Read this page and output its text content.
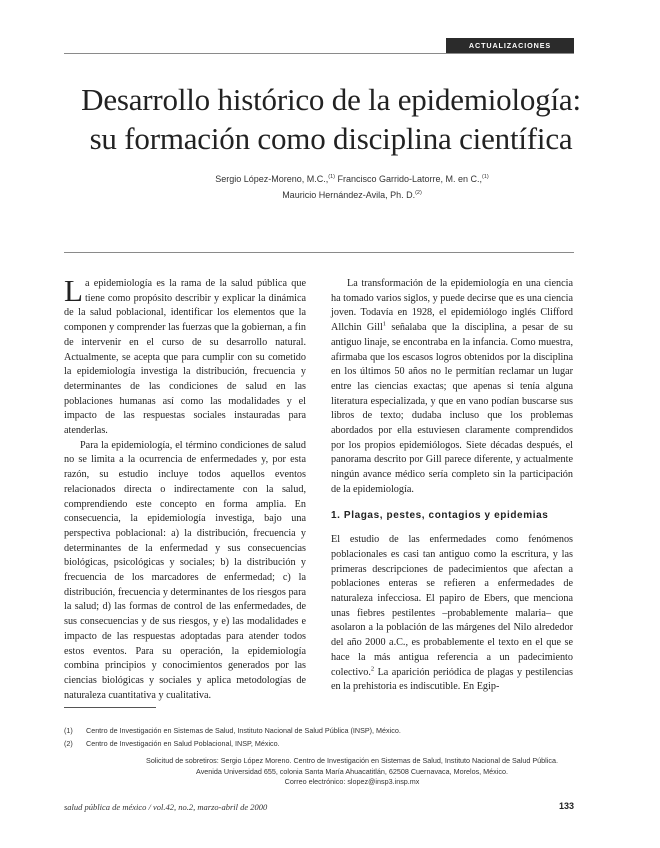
ACTUALIZACIONES
Desarrollo histórico de la epidemiología:
su formación como disciplina científica
Sergio López-Moreno, M.C.,$^{(1)}$ Francisco Garrido-Latorre, M. en C.,$^{(1)}$
Mauricio Hernández-Avila, Ph. D.$^{(2)}$

La epidemiología es la rama de la salud pública que tiene como propósito describir y explicar la dinámica de la salud poblacional, identificar los elementos que la componen y comprender las fuerzas que la gobiernan, a fin de intervenir en el curso de su desarrollo natural. Actualmente, se acepta que para cumplir con su cometido la epidemiología investiga la distribución, frecuencia y determinantes de las condiciones de salud en las poblaciones humanas así como las modalidades y el impacto de las respuestas sociales instauradas para atenderlas.

Para la epidemiología, el término condiciones de salud no se limita a la ocurrencia de enfermedades y, por esta razón, su estudio incluye todos aquellos eventos relacionados directa o indirectamente con la salud, comprendiendo este concepto en forma amplia. En consecuencia, la epidemiología investiga, bajo una perspectiva poblacional: a) la distribución, frecuencia y determinantes de la enfermedad y sus consecuencias biológicas, psicológicas y sociales; b) la distribución y frecuencia de los marcadores de enfermedad; c) la distribución, frecuencia y determinantes de los riesgos para la salud; d) las formas de control de las enfermedades, de sus consecuencias y de sus riesgos, y e) las modalidades e impacto de las respuestas adoptadas para atender todos estos eventos. Para su operación, la epidemiología combina principios y conocimientos generados por las ciencias biológicas y sociales y aplica metodologías de naturaleza cuantitativa y cualitativa.

La transformación de la epidemiología en una ciencia ha tomado varios siglos, y puede decirse que es una ciencia joven. Todavía en 1928, el epidemiólogo inglés Clifford Allchin Gill$^1$ señalaba que la disciplina, a pesar de su antiguo linaje, se encontraba en la infancia. Como muestra, afirmaba que los escasos logros obtenidos por la disciplina en los últimos 50 años no le permitían reclamar un lugar entre las ciencias exactas; que apenas si tenía alguna literatura especializada, y que en vano podían buscarse sus libros de texto; dudaba incluso que los problemas abordados por ella estuviesen claramente comprendidos por los propios epidemiólogos. Siete décadas después, el panorama descrito por Gill parece diferente, y actualmente ningún avance médico sería completo sin la participación de la epidemiología.

1. Plagas, pestes, contagios y epidemias

El estudio de las enfermedades como fenómenos poblacionales es casi tan antiguo como la escritura, y las primeras descripciones de padecimientos que afectan a poblaciones enteras se refieren a enfermedades de naturaleza infecciosa. El papiro de Ebers, que menciona unas fiebres pestilentes –probablemente malaria– que asolaron a la población de las márgenes del Nilo alrededor del año 2000 a.C., es probablemente el texto en el que se hace la más antigua referencia a un padecimiento colectivo.$^2$ La aparición periódica de plagas y pestilencias en la prehistoria es indiscutible. En Egip-

(1)	Centro de Investigación en Sistemas de Salud, Instituto Nacional de Salud Pública (INSP), México.
(2)	Centro de Investigación en Salud Poblacional, INSP, México.
Solicitud de sobretiros: Sergio López Moreno. Centro de Investigación en Sistemas de Salud, Instituto Nacional de Salud Pública.
Avenida Universidad 655, colonia Santa María Ahuacatitlán, 62508 Cuernavaca, Morelos, México.
Correo electrónico: slopez@insp3.insp.mx
salud pública de méxico / vol.42, no.2, marzo-abril de 2000	133
